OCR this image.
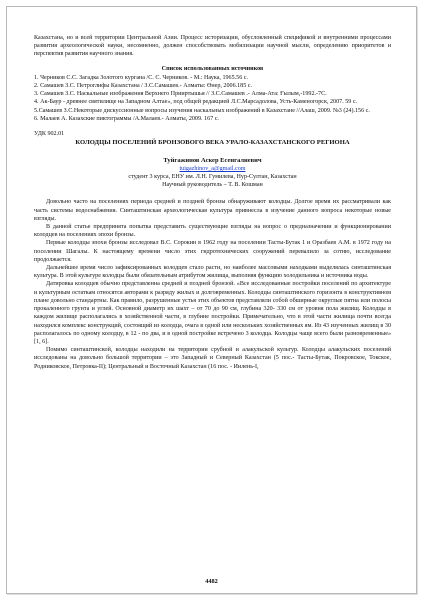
Казахстана, но и всей территории Центральной Азии. Процесс историзации, обусловленный спецификой и внутренними процессами развития археологической науки, несомненно, должен способствовать мобилизации научной мысли, определению приоритетов и перспектив развития научного знания.

Список использованных источников

1. Черников С.С. Загадка Золотого кургана /С. С. Черников. - М.: Наука, 1965.56 с.

2. Самашев З.С. Петроглифы Казахстана / З.С.Самашев.- Алматы: Өнер, 2006.185 с.

3. Самашев З.С. Наскальные изображения Верхнего Прииртышья // З.С.Самашев .- Алма-Ата: Ғылым,-1992.-7С.

4. Ак-Баур - древнее святилище на Западном Алтае», под общей редакцией Л.С.Марсадолова, Усть-Каменогорск, 2007. 59 с.

5.Самашев З.С.Некоторые дискуссионные вопросы изучения наскальных изображений в Казахстане //Алаш, 2009. №3 (24).156 с.

6. Малаев А. Казахские пиктограммы /А.Малаев.- Алматы, 2009. 167 с.

УДК 902.01
КОЛОДЦЫ ПОСЕЛЕНИЙ БРОНЗОВОГО ВЕКА УРАЛО-КАЗАХСТАНСКОГО РЕГИОНА
Туйгажинов Аскер Есенгалиевич
tuigazhinov_a@gmail.com
студент 3 курса, ЕНУ им. Л.Н. Гумилева, Нур-Султан, Казахстан
Научный руководитель – Т. В. Кошман

Довольно часто на поселениях периода средней и поздней бронзы обнаруживают колодцы. Долгое время их рассматривали как часть системы водоснабжения. Синташтинская археологическая культура привнесла в изучение данного вопроса некоторые новые взгляды.

В данной статье предпринята попытка представить существующие взгляды на вопрос о предназначении и функционировании колодцев на поселениях эпохи бронзы.

Первые колодцы эпохи бронзы исследовал В.С. Сорокин в 1962 году на поселении Тасты-Бутак 1 и Оразбаев А.М. в 1972 году на поселении Шагалы. К настоящему времени число этих гидротехнических сооружений перевалило за сотню, исследование продолжается.

Дальнейшее время число зафиксированных колодцев стало расти, но наиболее массовыми находками выделялась синташтинская культура. В этой культуре колодцы были обязательным атрибутом жилища, выполняя функцию холодильника и источника воды.

Датировка колодцев обычно представленна средней и поздней бронзой. «Все исследованные постройки поселений по архитектуре и культурным остаткам относятся авторами к разряду жилых и долговременных. Колодцы синташтинского горизонта в конструктивном плане довольно стандартны. Как правило, разрушенные устья этих объектов представляли собой обширные округлые пятна или полосы прокаленного грунта и углей. Основной диаметр их шахт – от 70 до 90 см, глубина 320- 330 см от уровня пола жилищ. Колодцы в каждом жилище располагались в хозяйственной части, в глубине постройки. Примечательно, что в этой части жилища почти всегда находился комплекс конструкций, состоящий из колодца, очага в одной или нескольких хозяйственных ям. Из 43 изученных жилищ в 30 располагалось по одному колодцу, в 12 - по два, и в одной постройке встречено 3 колодца. Колодцы чаще всего были разновременные» [1, 6].

Помимо синташтинской, колодцы находили на территории срубной и алакульской культур. Колодцы алакульских поселений исследованы на довольно большой территории – это Западный и Северный Казахстан (5 пос.- Тасты-Бутак, Покровское, Токское, Родниковское, Петровка-II); Центральный и Восточный Казахстан (16 пос. - Иилень-I,

4482
